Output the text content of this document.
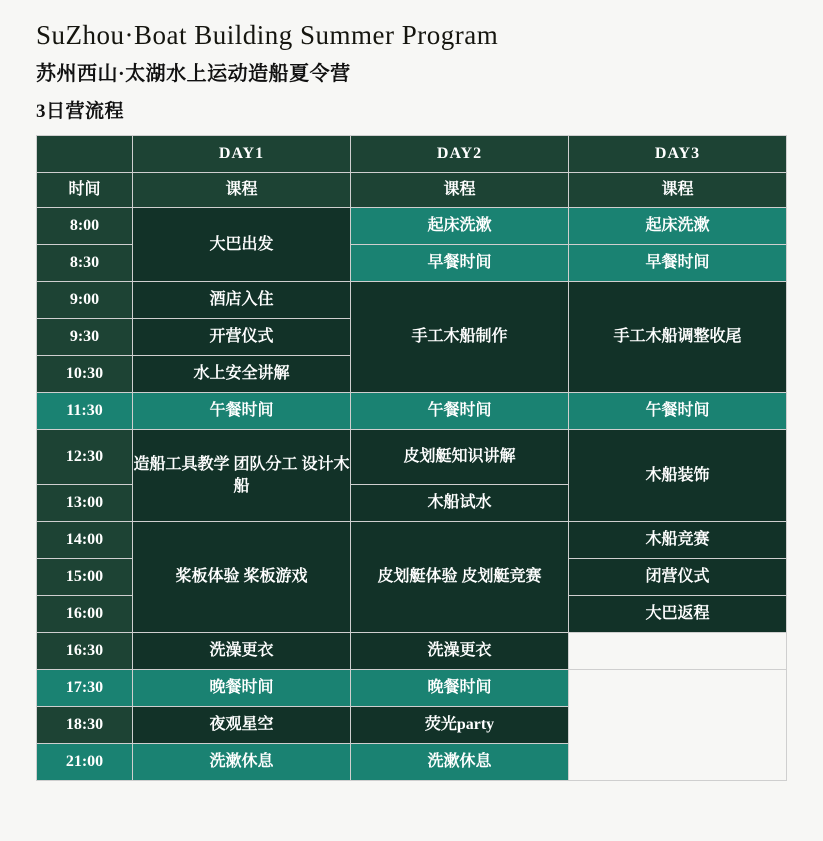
SuZhou·Boat Building Summer Program
苏州西山·太湖水上运动造船夏令营
3日营流程
	DAY1	DAY2	DAY3
时间	课程	课程	课程
8:00	大巴出发	起床洗漱	起床洗漱
8:30		早餐时间	早餐时间
9:00	酒店入住	手工木船制作	手工木船调整收尾
9:30	开营仪式		
10:30	水上安全讲解		
11:30	午餐时间	午餐时间	午餐时间
12:30	造船工具教学 团队分工 设计木船	皮划艇知识讲解	木船装饰
13:00		木船试水	
14:00	桨板体验 桨板游戏	皮划艇体验 皮划艇竞赛	木船竞赛
15:00			闭营仪式
16:00			大巴返程
16:30	洗澡更衣	洗澡更衣	
17:30	晚餐时间	晚餐时间	
18:30	夜观星空	荧光party	
21:00	洗漱休息	洗漱休息	
